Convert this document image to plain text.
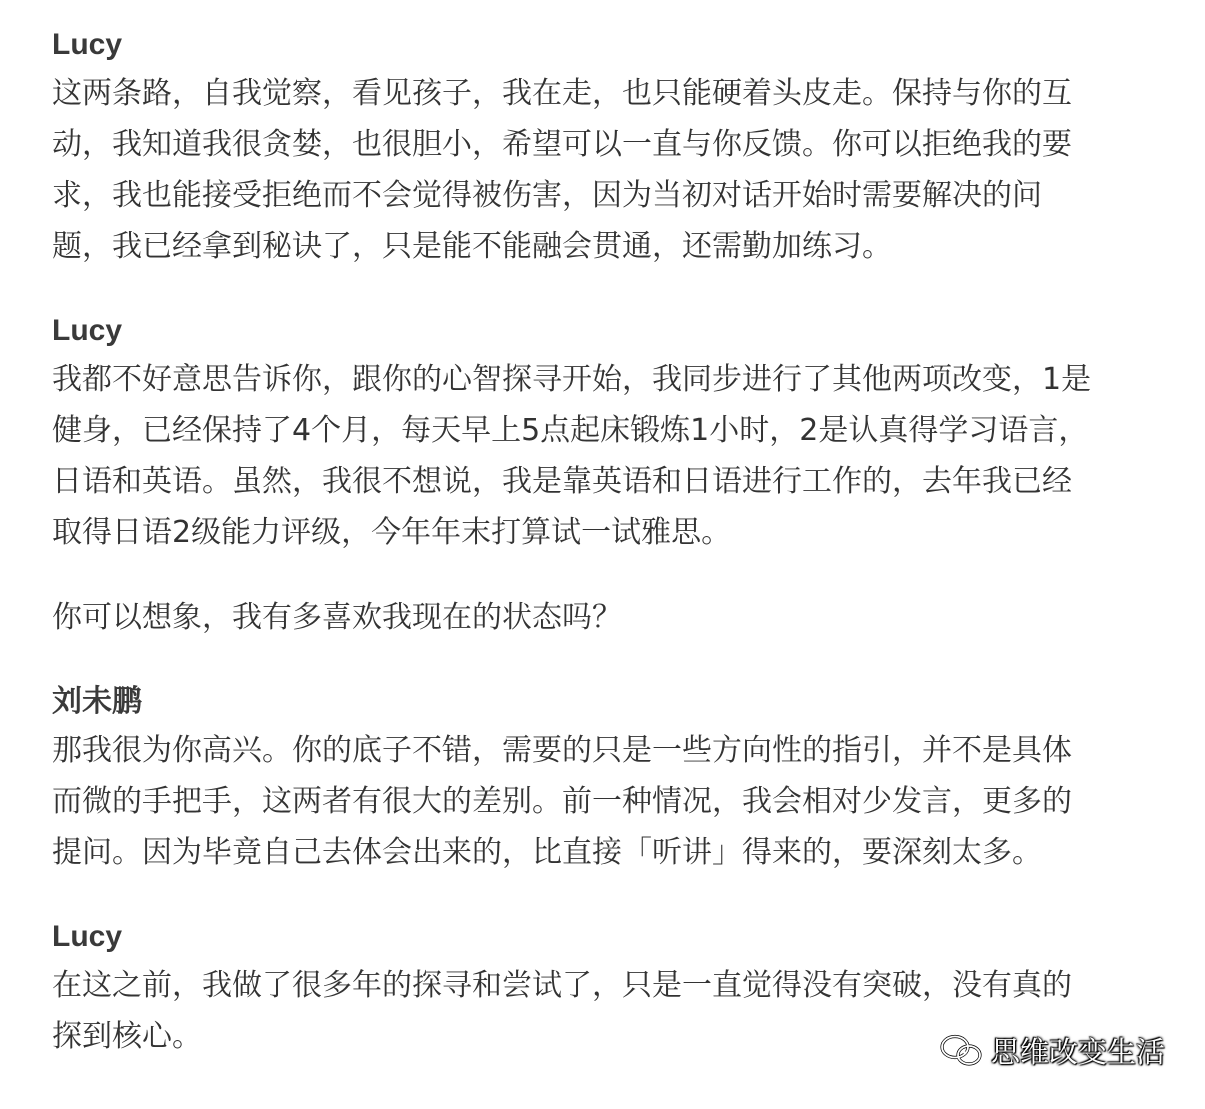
Lucy
这两条路，自我觉察，看见孩子，我在走，也只能硬着头皮走。保持与你的互
动，我知道我很贪婪，也很胆小，希望可以一直与你反馈。你可以拒绝我的要
求，我也能接受拒绝而不会觉得被伤害，因为当初对话开始时需要解决的问
题，我已经拿到秘诀了，只是能不能融会贯通，还需勤加练习。
Lucy
我都不好意思告诉你，跟你的心智探寻开始，我同步进行了其他两项改变，1是
健身，已经保持了4个月，每天早上5点起床锻炼1小时，2是认真得学习语言，
日语和英语。虽然，我很不想说，我是靠英语和日语进行工作的，去年我已经
取得日语2级能力评级，今年年末打算试一试雅思。
你可以想象，我有多喜欢我现在的状态吗？
刘未鹏
那我很为你高兴。你的底子不错，需要的只是一些方向性的指引，并不是具体
而微的手把手，这两者有很大的差别。前一种情况，我会相对少发言，更多的
提问。因为毕竟自己去体会出来的，比直接「听讲」得来的，要深刻太多。
Lucy
在这之前，我做了很多年的探寻和尝试了，只是一直觉得没有突破，没有真的
探到核心。	思维改变生活
